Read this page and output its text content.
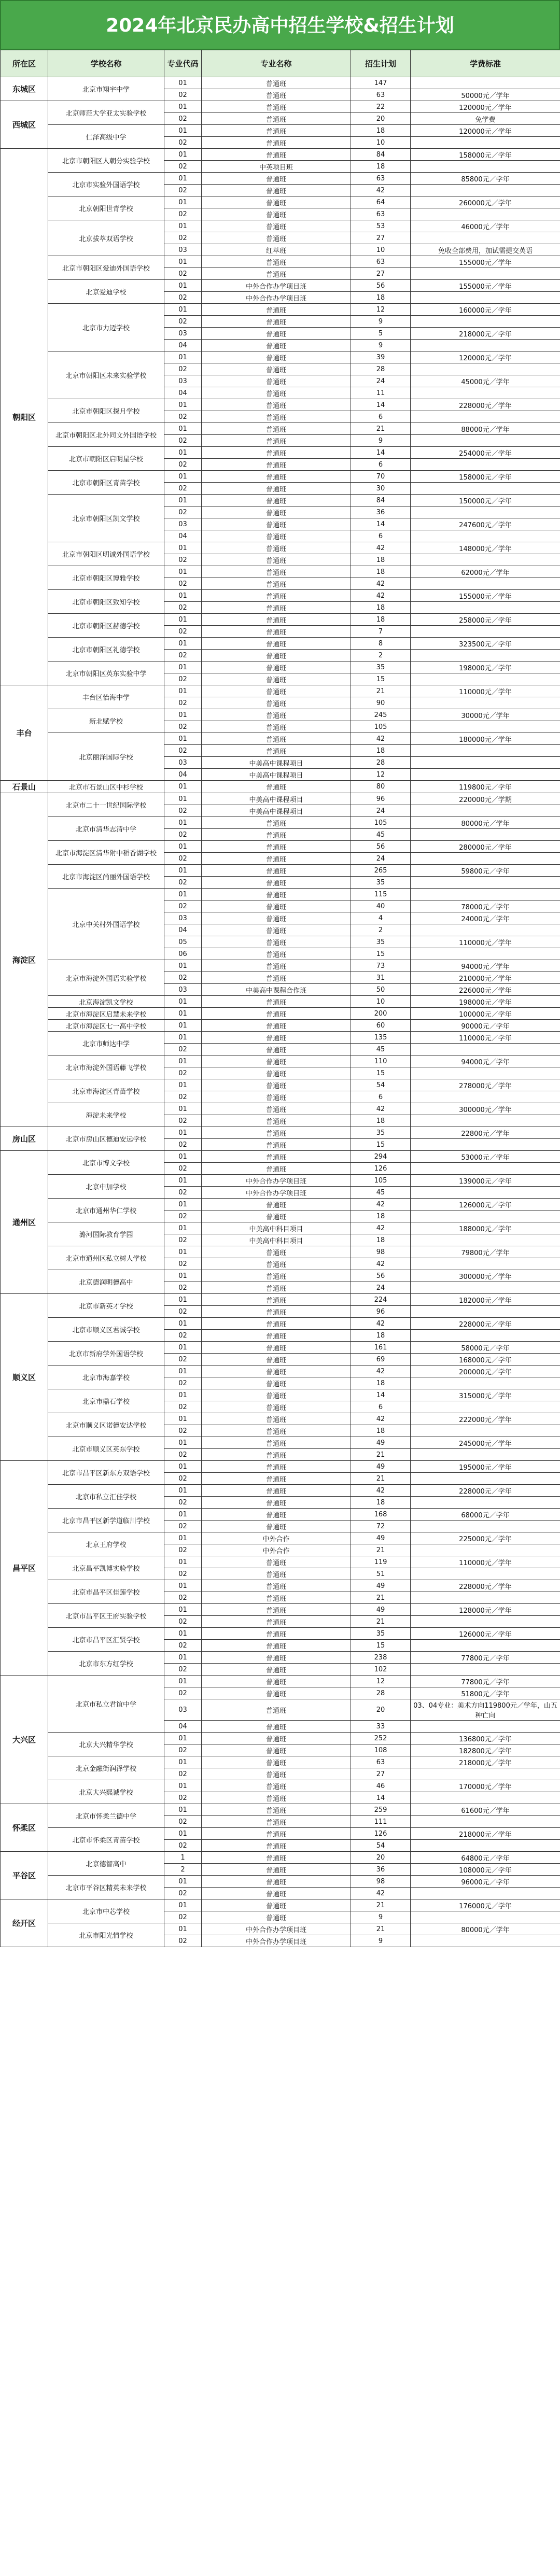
2024年北京民办高中招生学校&招生计划
所在区	学校名称	专业代码	专业名称	招生计划	学费标准
东城区	北京市翔宇中学	01	普通班	147	
		02	普通班	63	50000元／学年
西城区	北京师范大学亚太实验学校	01	普通班	22	120000元／学年
		02	普通班	20	免学费
	仁泽高级中学	01	普通班	18	120000元／学年
		02	普通班	10	
朝阳区	北京市朝阳区人朝分实验学校	01	普通班	84	158000元／学年
		02	中英项目班	18	
	北京市实验外国语学校	01	普通班	63	85800元／学年
		02	普通班	42	
	北京朝阳世青学校	01	普通班	64	260000元／学年
		02	普通班	63	
	北京拔萃双语学校	01	普通班	53	46000元／学年
		02	普通班	27	
		03	红萃班	10	免收全部费用，加试需提交英语
	北京市朝阳区爱迪外国语学校	01	普通班	63	155000元／学年
		02	普通班	27	
	北京爱迪学校	01	中外合作办学项目班	56	155000元／学年
		02	中外合作办学项目班	18	
	北京市力迈学校	01	普通班	12	160000元／学年
		02	普通班	9	
		03	普通班	5	218000元／学年
		04	普通班	9	
	北京市朝阳区未来实验学校	01	普通班	39	120000元／学年
		02	普通班	28	
		03	普通班	24	45000元／学年
		04	普通班	11	
	北京市朝阳区探月学校	01	普通班	14	228000元／学年
		02	普通班	6	
	北京市朝阳区北外同文外国语学校	01	普通班	21	88000元／学年
		02	普通班	9	
	北京市朝阳区启明星学校	01	普通班	14	254000元／学年
		02	普通班	6	
	北京市朝阳区青苗学校	01	普通班	70	158000元／学年
		02	普通班	30	
	北京市朝阳区凯文学校	01	普通班	84	150000元／学年
		02	普通班	36	
		03	普通班	14	247600元／学年
		04	普通班	6	
	北京市朝阳区明诚外国语学校	01	普通班	42	148000元／学年
		02	普通班	18	
	北京市朝阳区博雅学校	01	普通班	18	62000元／学年
		02	普通班	42	
	北京市朝阳区致知学校	01	普通班	42	155000元／学年
		02	普通班	18	
	北京市朝阳区赫德学校	01	普通班	18	258000元／学年
		02	普通班	7	
	北京市朝阳区礼德学校	01	普通班	8	323500元／学年
		02	普通班	2	
	北京市朝阳区英东实验中学	01	普通班	35	198000元／学年
		02	普通班	15	
丰台	丰台区怡海中学	01	普通班	21	110000元／学年
		02	普通班	90	
	新北赋学校	01	普通班	245	30000元／学年
		02	普通班	105	
	北京丽泽国际学校	01	普通班	42	180000元／学年
		02	普通班	18	
		03	中美高中课程项目	28	
		04	中美高中课程项目	12	
石景山	北京市石景山区中杉学校	01	普通班	80	119800元／学年
海淀区	北京市二十一世纪国际学校	01	中美高中课程项目	96	220000元／学期
		02	中美高中课程项目	24	
	北京市清华志清中学	01	普通班	105	80000元／学年
		02	普通班	45	
	北京市海淀区清华附中稻香湖学校	01	普通班	56	280000元／学年
		02	普通班	24	
	北京市海淀区尚丽外国语学校	01	普通班	265	59800元／学年
		02	普通班	35	
	北京中关村外国语学校	01	普通班	115	
		02	普通班	40	78000元／学年
		03	普通班	4	24000元／学年
		04	普通班	2	
		05	普通班	35	110000元／学年
		06	普通班	15	
	北京市海淀外国语实验学校	01	普通班	73	94000元／学年
		02	普通班	31	210000元／学年
		03	中美高中课程合作班	50	226000元／学年
	北京海淀凯文学校	01	普通班	10	198000元／学年
	北京市海淀区启慧未来学校	01	普通班	200	100000元／学年
	北京市海淀区七一高中学校	01	普通班	60	90000元／学年
	北京市师达中学	01	普通班	135	110000元／学年
		02	普通班	45	
	北京市海淀外国语藤飞学校	01	普通班	110	94000元／学年
		02	普通班	15	
	北京市海淀区青苗学校	01	普通班	54	278000元／学年
		02	普通班	6	
	海淀未来学校	01	普通班	42	300000元／学年
		02	普通班	18	
房山区	北京市房山区德迪安远学校	01	普通班	35	22800元／学年
		02	普通班	15	
通州区	北京市博文学校	01	普通班	294	53000元／学年
		02	普通班	126	
	北京中加学校	01	中外合作办学项目班	105	139000元／学年
		02	中外合作办学项目班	45	
	北京市通州华仁学校	01	普通班	42	126000元／学年
		02	普通班	18	
	潞河国际教育学园	01	中美高中科目项目	42	188000元／学年
		02	中美高中科目项目	18	
	北京市通州区私立树人学校	01	普通班	98	79800元／学年
		02	普通班	42	
	北京德润明德高中	01	普通班	56	300000元／学年
		02	普通班	24	
顺义区	北京市新英才学校	01	普通班	224	182000元／学年
		02	普通班	96	
	北京市顺义区君诚学校	01	普通班	42	228000元／学年
		02	普通班	18	
	北京市新府学外国语学校	01	普通班	161	58000元／学年
		02	普通班	69	168000元／学年
	北京市海嘉学校	01	普通班	42	200000元／学年
		02	普通班	18	
	北京市鼎石学校	01	普通班	14	315000元／学年
		02	普通班	6	
	北京市顺义区诺德安达学校	01	普通班	42	222000元／学年
		02	普通班	18	
	北京市顺义区英东学校	01	普通班	49	245000元／学年
		02	普通班	21	
昌平区	北京市昌平区新东方双语学校	01	普通班	49	195000元／学年
		02	普通班	21	
	北京市私立汇佳学校	01	普通班	42	228000元／学年
		02	普通班	18	
	北京市昌平区新学道临川学校	01	普通班	168	68000元／学年
		02	普通班	72	
	北京王府学校	01	中外合作	49	225000元／学年
		02	中外合作	21	
	北京昌平凯博实验学校	01	普通班	119	110000元／学年
		02	普通班	51	
	北京市昌平区佳莲学校	01	普通班	49	228000元／学年
		02	普通班	21	
	北京市昌平区王府实验学校	01	普通班	49	128000元／学年
		02	普通班	21	
	北京市昌平区汇贤学校	01	普通班	35	126000元／学年
		02	普通班	15	
	北京市东方红学校	01	普通班	238	77800元／学年
		02	普通班	102	
大兴区	北京市私立君谊中学	01	普通班	12	77800元／学年
		02	普通班	28	51800元／学年
		03	普通班	20	03、04专业：美术方向119800元／学年，山五种亡向
		04	普通班	33	
	北京大兴精华学校	01	普通班	252	136800元／学年
		02	普通班	108	182800元／学年
	北京金融街润泽学校	01	普通班	63	218000元／学年
		02	普通班	27	
	北京大兴熙诚学校	01	普通班	46	170000元／学年
		02	普通班	14	
怀柔区	北京市怀柔兰德中学	01	普通班	259	61600元／学年
		02	普通班	111	
	北京市怀柔区青苗学校	01	普通班	126	218000元／学年
		02	普通班	54	
平谷区	北京德智高中	1	普通班	20	64800元／学年
		2	普通班	36	108000元／学年
	北京市平谷区精英未来学校	01	普通班	98	96000元／学年
		02	普通班	42	
经开区	北京市中芯学校	01	普通班	21	176000元／学年
		02	普通班	9	
	北京市阳光情学校	01	中外合作办学项目班	21	80000元／学年
		02	中外合作办学项目班	9	
